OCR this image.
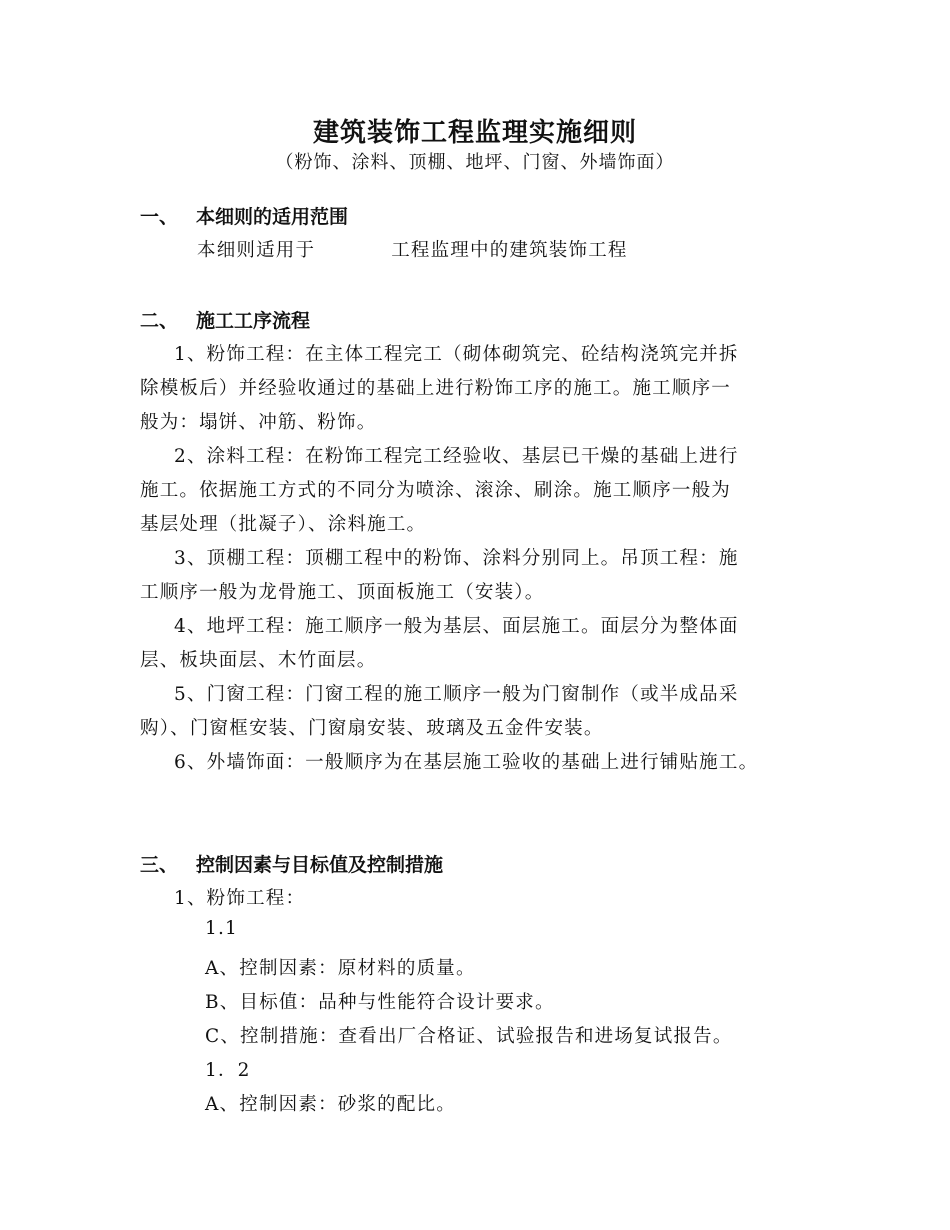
建筑装饰工程监理实施细则
（粉饰、涂料、顶棚、地坪、门窗、外墙饰面）
一、 本细则的适用范围
本细则适用于	工程监理中的建筑装饰工程
二、 施工工序流程
1、粉饰工程：在主体工程完工（砌体砌筑完、砼结构浇筑完并拆
除模板后）并经验收通过的基础上进行粉饰工序的施工。施工顺序一
般为：塌饼、冲筋、粉饰。
2、涂料工程：在粉饰工程完工经验收、基层已干燥的基础上进行
施工。依据施工方式的不同分为喷涂、滚涂、刷涂。施工顺序一般为
基层处理（批凝子）、涂料施工。
3、顶棚工程：顶棚工程中的粉饰、涂料分别同上。吊顶工程：施
工顺序一般为龙骨施工、顶面板施工（安装）。
4、地坪工程：施工顺序一般为基层、面层施工。面层分为整体面
层、板块面层、木竹面层。
5、门窗工程：门窗工程的施工顺序一般为门窗制作（或半成品采
购）、门窗框安装、门窗扇安装、玻璃及五金件安装。
6、外墙饰面：一般顺序为在基层施工验收的基础上进行铺贴施工。
三、 控制因素与目标值及控制措施
1、粉饰工程：
1.1
A、控制因素：原材料的质量。
B、目标值：品种与性能符合设计要求。
C、控制措施：查看出厂合格证、试验报告和进场复试报告。
1．2
A、控制因素：砂浆的配比。
